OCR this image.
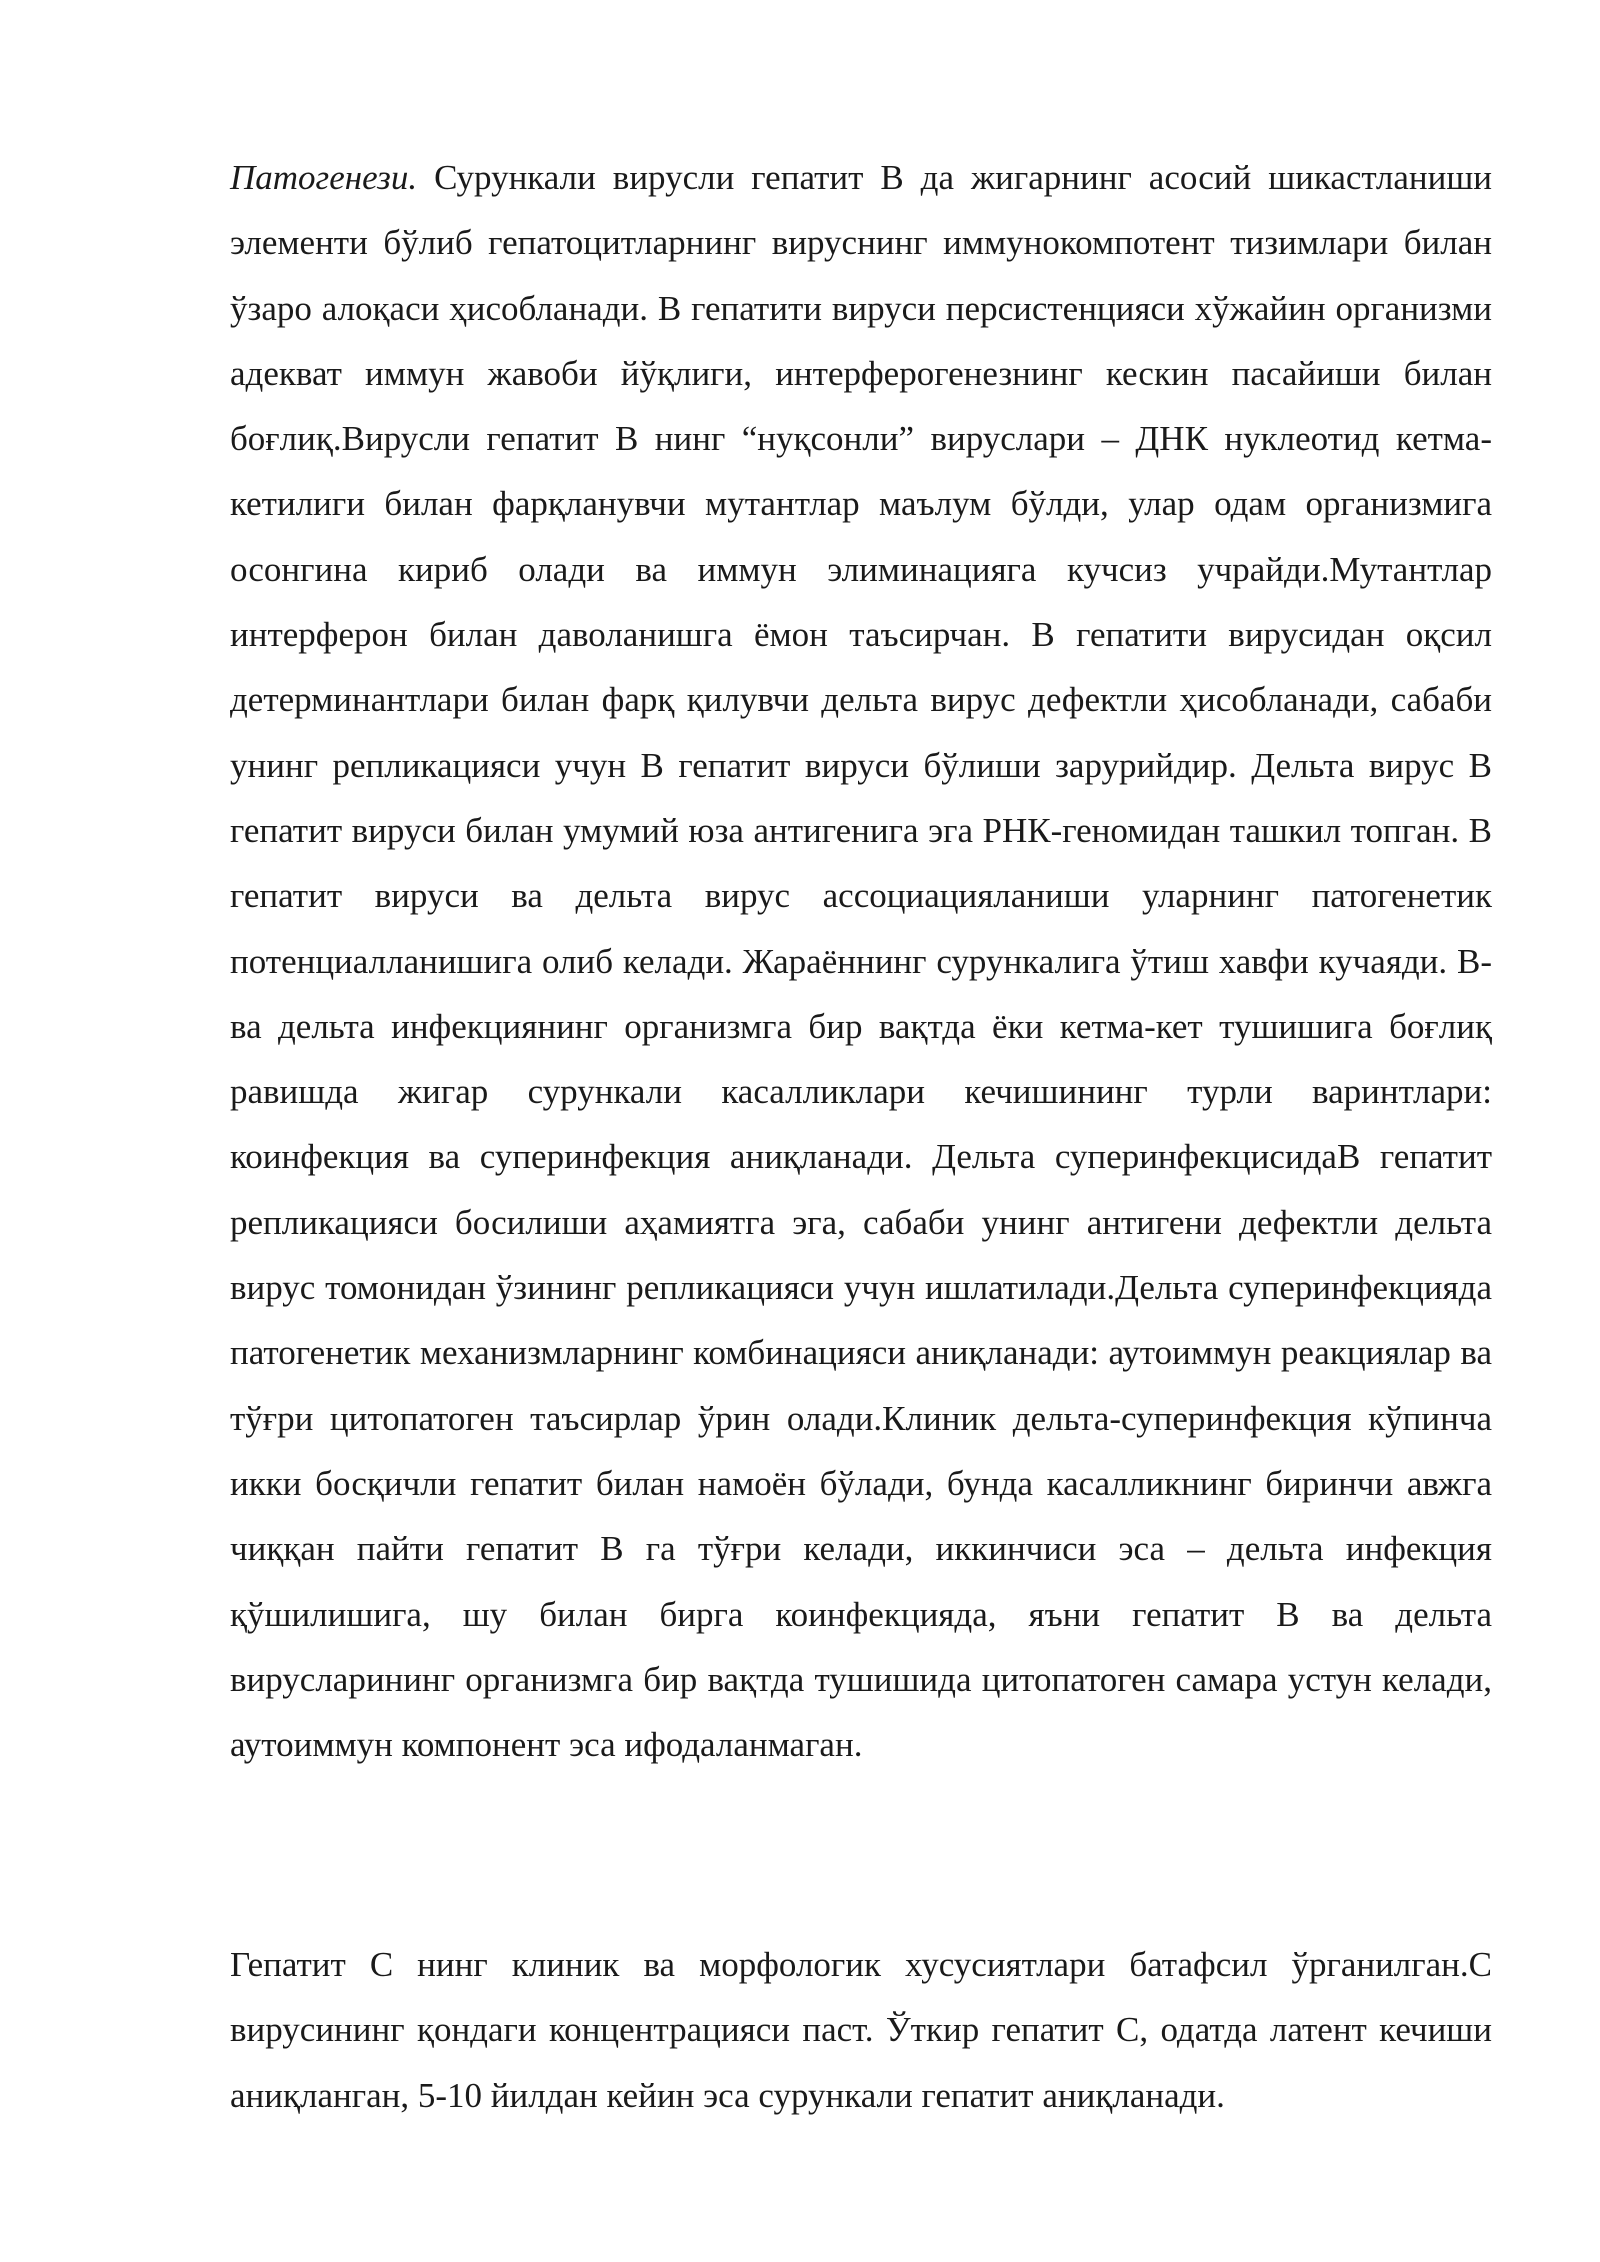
Патогенези. Сурункали вирусли гепатит В да жигарнинг асосий шикастланиши элементи бўлиб гепатоцитларнинг вируснинг иммунокомпотент тизимлари билан ўзаро алоқаси ҳисобланади. В гепатити вируси персистенцияси хўжайин организми адекват иммун жавоби йўқлиги, интерферогенезнинг кескин пасайиши билан боғлиқ.Вирусли гепатит В нинг “нуқсонли” вируслари – ДНК нуклеотид кетма-кетилиги билан фарқланувчи мутантлар маълум бўлди, улар одам организмига осонгина кириб олади ва иммун элиминацияга кучсиз учрайди.Мутантлар интерферон билан даволанишга ёмон таъсирчан. В гепатити вирусидан оқсил детерминантлари билан фарқ қилувчи дельта вирус дефектли ҳисобланади, сабаби унинг репликацияси учун В гепатит вируси бўлиши зарурийдир. Дельта вирус В гепатит вируси билан умумий юза антигенига эга РНК-геномидан ташкил топган. В гепатит вируси ва дельта вирус ассоциацияланиши уларнинг патогенетик потенциалланишига олиб келади. Жараённинг сурункалига ўтиш хавфи кучаяди. В- ва дельта инфекциянинг организмга бир вақтда ёки кетма-кет тушишига боғлиқ равишда жигар сурункали касалликлари кечишининг турли варинтлари: коинфекция ва суперинфекция аниқланади. Дельта суперинфекцисидаВ гепатит репликацияси босилиши аҳамиятга эга, сабаби унинг антигени дефектли дельта вирус томонидан ўзининг репликацияси учун ишлатилади.Дельта суперинфекцияда патогенетик механизмларнинг комбинацияси аниқланади: аутоиммун реакциялар ва тўғри цитопатоген таъсирлар ўрин олади.Клиник дельта-суперинфекция кўпинча икки босқичли гепатит билан намоён бўлади, бунда касалликнинг биринчи авжга чиққан пайти гепатит В га тўғри келади, иккинчиси эса – дельта инфекция қўшилишига, шу билан бирга коинфекцияда, яъни гепатит В ва дельта вирусларининг организмга бир вақтда тушишида цитопатоген самара устун келади, аутоиммун компонент эса ифодаланмаган.

Гепатит С нинг клиник ва морфологик хусусиятлари батафсил ўрганилган.С вирусининг қондаги концентрацияси паст. Ўткир гепатит С, одатда латент кечиши аниқланган, 5-10 йилдан кейин эса сурункали гепатит аниқланади.
